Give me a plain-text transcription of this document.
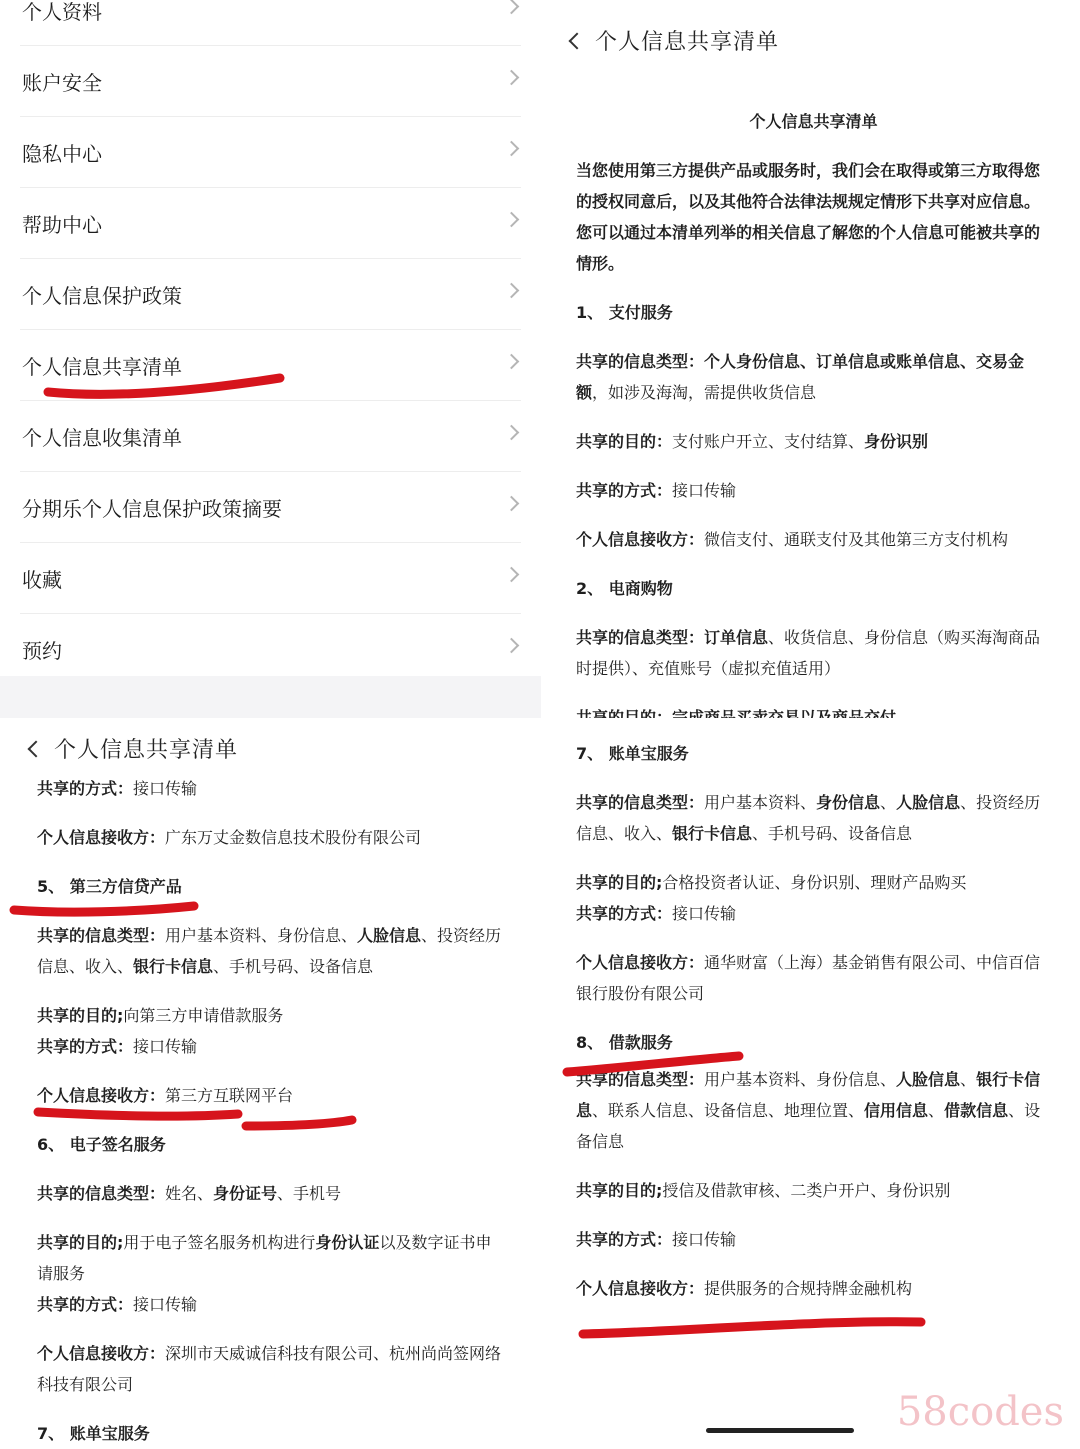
个人资料
账户安全
隐私中心
帮助中心
个人信息保护政策
个人信息共享清单
个人信息收集清单
分期乐个人信息保护政策摘要
收藏
预约
个人信息共享清单

个人信息共享清单

当您使用第三方提供产品或服务时，我们会在取得或第三方取得您的授权同意后，以及其他符合法律法规规定情形下共享对应信息。您可以通过本清单列举的相关信息了解您的个人信息可能被共享的情形。

1、 支付服务

共享的信息类型：个人身份信息、订单信息或账单信息、交易金额，如涉及海淘，需提供收货信息

共享的目的：支付账户开立、支付结算、身份识别

共享的方式：接口传输

个人信息接收方：微信支付、通联支付及其他第三方支付机构

2、 电商购物

共享的信息类型：订单信息、收货信息、身份信息（购买海淘商品时提供）、充值账号（虚拟充值适用）

个人信息共享清单

共享的方式：接口传输

个人信息接收方：广东万丈金数信息技术股份有限公司

5、 第三方信贷产品

共享的信息类型：用户基本资料、身份信息、人脸信息、投资经历信息、收入、银行卡信息、手机号码、设备信息

共享的目的;向第三方申请借款服务

共享的方式：接口传输

个人信息接收方：第三方互联网平台

6、 电子签名服务

共享的信息类型：姓名、身份证号、手机号

共享的目的;用于电子签名服务机构进行身份认证以及数字证书申请服务

共享的方式：接口传输

个人信息接收方：深圳市天威诚信科技有限公司、杭州尚尚签网络科技有限公司

7、 账单宝服务

7、 账单宝服务

共享的信息类型：用户基本资料、身份信息、人脸信息、投资经历信息、收入、银行卡信息、手机号码、设备信息

共享的目的;合格投资者认证、身份识别、理财产品购买

共享的方式：接口传输

个人信息接收方：通华财富（上海）基金销售有限公司、中信百信银行股份有限公司

8、 借款服务

共享的信息类型：用户基本资料、身份信息、人脸信息、银行卡信息、联系人信息、设备信息、地理位置、信用信息、借款信息、设备信息

共享的目的;授信及借款审核、二类户开户、身份识别

共享的方式：接口传输

个人信息接收方：提供服务的合规持牌金融机构

58codes
